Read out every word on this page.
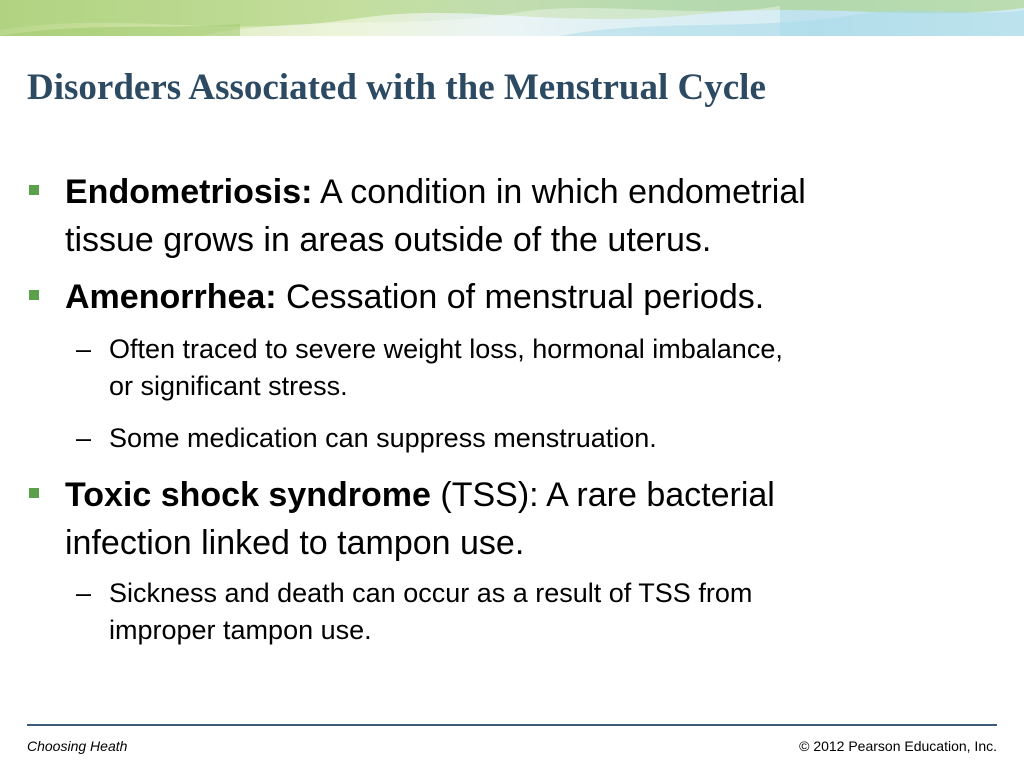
Disorders Associated with the Menstrual Cycle
Endometriosis: A condition in which endometrial
tissue grows in areas outside of the uterus.
Amenorrhea: Cessation of menstrual periods.
– Often traced to severe weight loss, hormonal imbalance,
or significant stress.
– Some medication can suppress menstruation.
Toxic shock syndrome (TSS): A rare bacterial
infection linked to tampon use.
– Sickness and death can occur as a result of TSS from
improper tampon use.
Choosing Heath	© 2012 Pearson Education, Inc.
